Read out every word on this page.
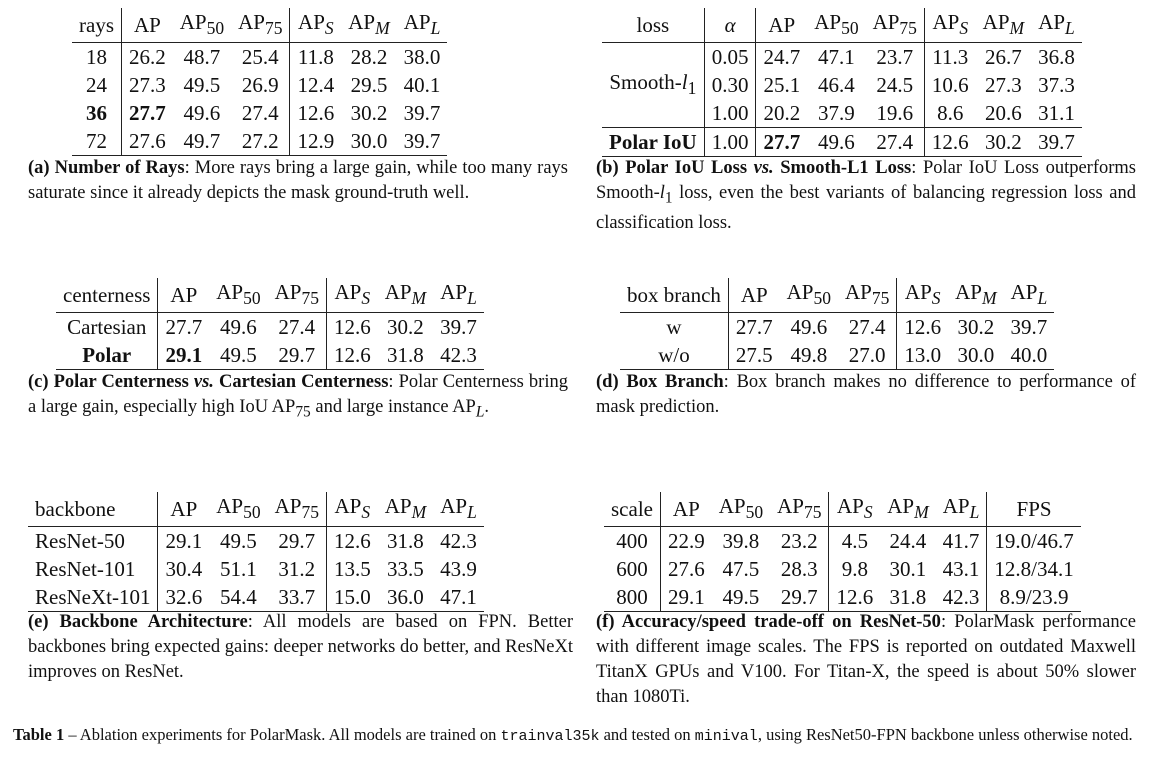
rays	AP	$AP_{50}$	$AP_{75}$	$AP_S$	$AP_M$	$AP_L$
18	26.2	48.7	25.4	11.8	28.2	38.0
24	27.3	49.5	26.9	12.4	29.5	40.1
36	27.7	49.6	27.4	12.6	30.2	39.7
72	27.6	49.7	27.2	12.9	30.0	39.7
(a) Number of Rays: More rays bring a large gain, while too many rays saturate since it already depicts the mask ground-truth well.
loss	α	AP	$AP_{50}$	$AP_{75}$	$AP_S$	$AP_M$	$AP_L$
Smooth-$l_1$	0.05	24.7	47.1	23.7	11.3	26.7	36.8
	0.30	25.1	46.4	24.5	10.6	27.3	37.3
	1.00	20.2	37.9	19.6	8.6	20.6	31.1
Polar IoU	1.00	27.7	49.6	27.4	12.6	30.2	39.7
(b) Polar IoU Loss vs. Smooth-L1 Loss: Polar IoU Loss outperforms Smooth-$l_1$ loss, even the best variants of balancing regression loss and classification loss.
centerness	AP	$AP_{50}$	$AP_{75}$	$AP_S$	$AP_M$	$AP_L$
Cartesian	27.7	49.6	27.4	12.6	30.2	39.7
Polar	29.1	49.5	29.7	12.6	31.8	42.3
(c) Polar Centerness vs. Cartesian Centerness: Polar Centerness bring a large gain, especially high IoU $AP_{75}$ and large instance $AP_L$.
box branch	AP	$AP_{50}$	$AP_{75}$	$AP_S$	$AP_M$	$AP_L$
w	27.7	49.6	27.4	12.6	30.2	39.7
w/o	27.5	49.8	27.0	13.0	30.0	40.0
(d) Box Branch: Box branch makes no difference to performance of mask prediction.
backbone	AP	$AP_{50}$	$AP_{75}$	$AP_S$	$AP_M$	$AP_L$
ResNet-50	29.1	49.5	29.7	12.6	31.8	42.3
ResNet-101	30.4	51.1	31.2	13.5	33.5	43.9
ResNeXt-101	32.6	54.4	33.7	15.0	36.0	47.1
(e) Backbone Architecture: All models are based on FPN. Better backbones bring expected gains: deeper networks do better, and ResNeXt improves on ResNet.
scale	AP	$AP_{50}$	$AP_{75}$	$AP_S$	$AP_M$	$AP_L$	FPS
400	22.9	39.8	23.2	4.5	24.4	41.7	19.0/46.7
600	27.6	47.5	28.3	9.8	30.1	43.1	12.8/34.1
800	29.1	49.5	29.7	12.6	31.8	42.3	8.9/23.9
(f) Accuracy/speed trade-off on ResNet-50: PolarMask performance with different image scales. The FPS is reported on outdated Maxwell TitanX GPUs and V100. For Titan-X, the speed is about 50% slower than 1080Ti.
Table 1 – Ablation experiments for PolarMask. All models are trained on trainval35k and tested on minival, using ResNet50-FPN backbone unless otherwise noted.
